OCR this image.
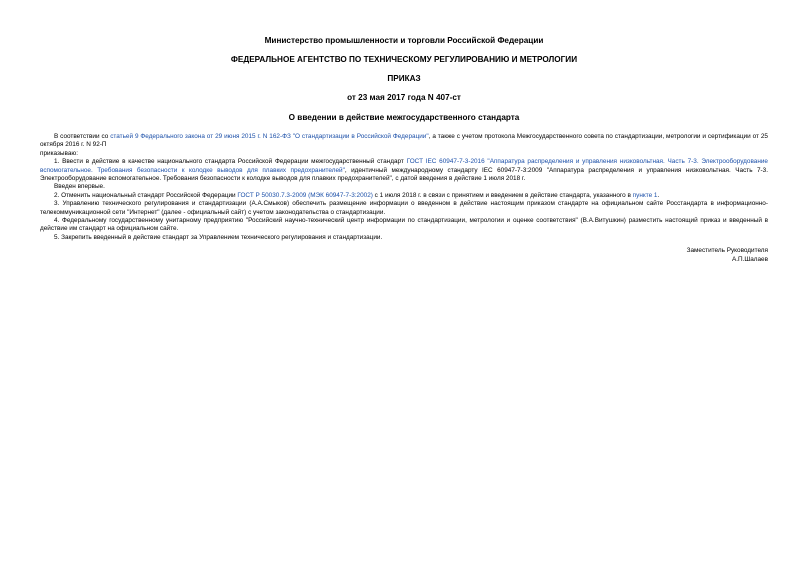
Министерство промышленности и торговли Российской Федерации

ФЕДЕРАЛЬНОЕ АГЕНТСТВО ПО ТЕХНИЧЕСКОМУ РЕГУЛИРОВАНИЮ И МЕТРОЛОГИИ

ПРИКАЗ

от 23 мая 2017 года N 407-ст

О введении в действие межгосударственного стандарта

В соответствии со статьей 9 Федерального закона от 29 июня 2015 г. N 162-ФЗ "О стандартизации в Российской Федерации", а также с учетом протокола Межгосударственного совета по стандартизации, метрологии и сертификации от 25 октября 2016 г. N 92-П

приказываю:

1. Ввести в действие в качестве национального стандарта Российской Федерации межгосударственный стандарт ГОСТ IEC 60947-7-3-2016 "Аппаратура распределения и управления низковольтная. Часть 7-3. Электрооборудование вспомогательное. Требования безопасности к колодке выводов для плавких предохранителей", идентичный международному стандарту IEC 60947-7-3:2009 "Аппаратура распределения и управления низковольтная. Часть 7-3. Электрооборудование вспомогательное. Требования безопасности к колодке выводов для плавких предохранителей", с датой введения в действие 1 июля 2018 г.

Введен впервые.

2. Отменить национальный стандарт Российской Федерации ГОСТ Р 50030.7.3-2009 (МЭК 60947-7-3:2002) с 1 июля 2018 г. в связи с принятием и введением в действие стандарта, указанного в пункте 1.

3. Управлению технического регулирования и стандартизации (А.А.Смыков) обеспечить размещение информации о введенном в действие настоящим приказом стандарте на официальном сайте Росстандарта в информационно-телекоммуникационной сети "Интернет" (далее - официальный сайт) с учетом законодательства о стандартизации.

4. Федеральному государственному унитарному предприятию "Российский научно-технический центр информации по стандартизации, метрологии и оценке соответствия" (В.А.Витушкин) разместить настоящий приказ и введенный в действие им стандарт на официальном сайте.

5. Закрепить введенный в действие стандарт за Управлением технического регулирования и стандартизации.

Заместитель Руководителя
А.П.Шалаев
